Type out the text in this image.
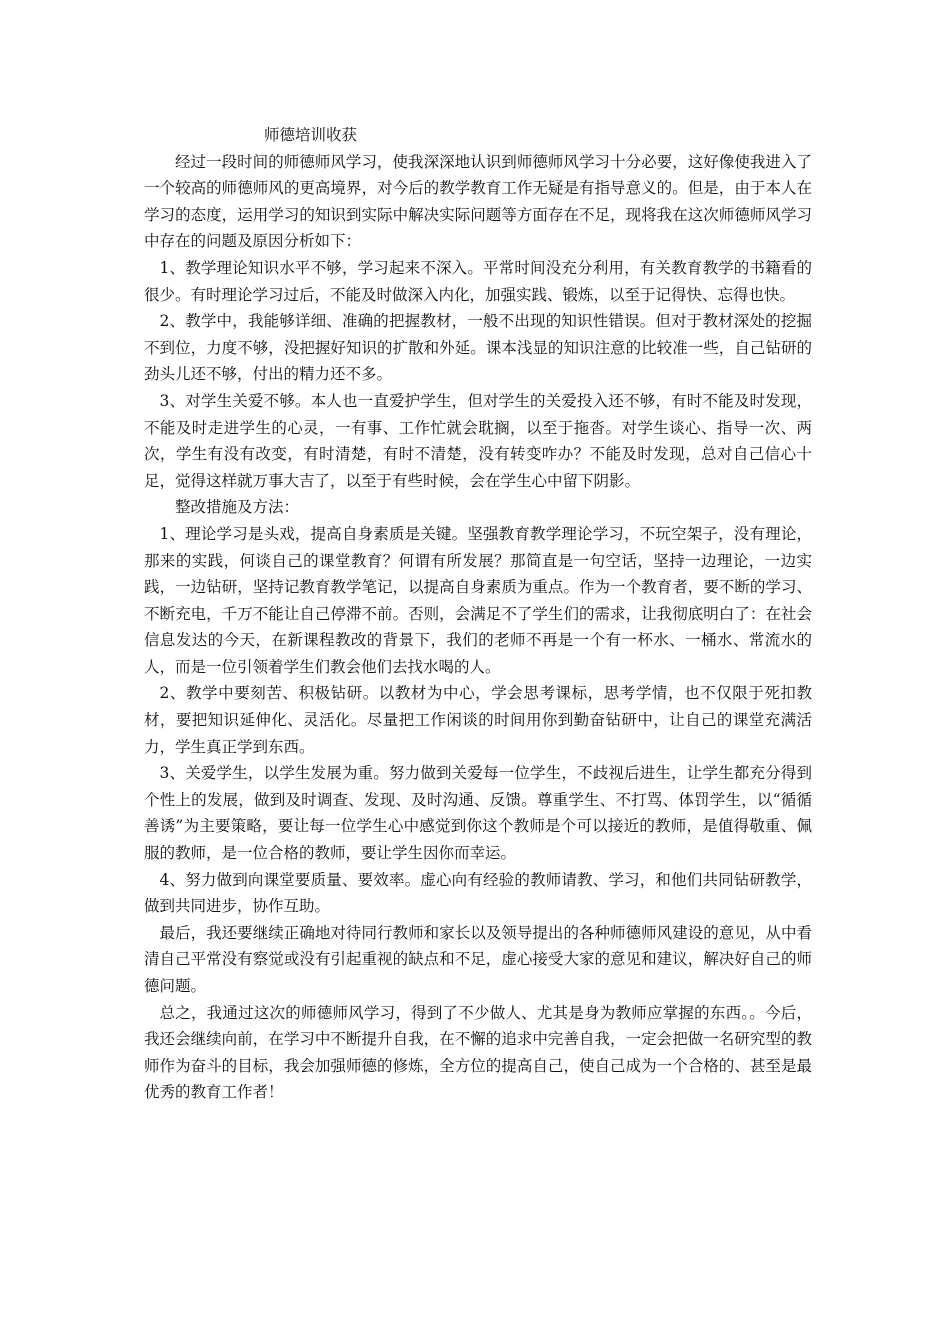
师德培训收获
经过一段时间的师德师风学习，使我深深地认识到师德师风学习十分必要，这好像使我进入了一个较高的师德师风的更高境界，对今后的教学教育工作无疑是有指导意义的。但是，由于本人在学习的态度，运用学习的知识到实际中解决实际问题等方面存在不足，现将我在这次师德师风学习中存在的问题及原因分析如下：
1、教学理论知识水平不够，学习起来不深入。平常时间没充分利用，有关教育教学的书籍看的很少。有时理论学习过后，不能及时做深入内化，加强实践、锻炼，以至于记得快、忘得也快。
2、教学中，我能够详细、准确的把握教材，一般不出现的知识性错误。但对于教材深处的挖掘不到位，力度不够，没把握好知识的扩散和外延。课本浅显的知识注意的比较准一些，自己钻研的劲头儿还不够，付出的精力还不多。
3、对学生关爱不够。本人也一直爱护学生，但对学生的关爱投入还不够，有时不能及时发现，不能及时走进学生的心灵，一有事、工作忙就会耽搁，以至于拖沓。对学生谈心、指导一次、两次，学生有没有改变，有时清楚，有时不清楚，没有转变咋办？不能及时发现，总对自己信心十足，觉得这样就万事大吉了，以至于有些时候，会在学生心中留下阴影。
整改措施及方法：
1、理论学习是头戏，提高自身素质是关键。坚强教育教学理论学习，不玩空架子，没有理论，那来的实践，何谈自己的课堂教育？何谓有所发展？那简直是一句空话，坚持一边理论，一边实践，一边钻研，坚持记教育教学笔记，以提高自身素质为重点。作为一个教育者，要不断的学习、不断充电，千万不能让自己停滞不前。否则，会满足不了学生们的需求，让我彻底明白了：在社会信息发达的今天，在新课程教改的背景下，我们的老师不再是一个有一杯水、一桶水、常流水的人，而是一位引领着学生们教会他们去找水喝的人。
2、教学中要刻苦、积极钻研。以教材为中心，学会思考课标，思考学情，也不仅限于死扣教材，要把知识延伸化、灵活化。尽量把工作闲谈的时间用你到勤奋钻研中，让自己的课堂充满活力，学生真正学到东西。
3、关爱学生，以学生发展为重。努力做到关爱每一位学生，不歧视后进生，让学生都充分得到个性上的发展，做到及时调查、发现、及时沟通、反馈。尊重学生、不打骂、体罚学生，以“循循善诱”为主要策略，要让每一位学生心中感觉到你这个教师是个可以接近的教师，是值得敬重、佩服的教师，是一位合格的教师，要让学生因你而幸运。
4、努力做到向课堂要质量、要效率。虚心向有经验的教师请教、学习，和他们共同钻研教学，做到共同进步，协作互助。
最后，我还要继续正确地对待同行教师和家长以及领导提出的各种师德师风建设的意见，从中看清自己平常没有察觉或没有引起重视的缺点和不足，虚心接受大家的意见和建议，解决好自己的师德问题。
总之，我通过这次的师德师风学习，得到了不少做人、尤其是身为教师应掌握的东西。。今后，我还会继续向前，在学习中不断提升自我，在不懈的追求中完善自我，一定会把做一名研究型的教师作为奋斗的目标，我会加强师德的修炼，全方位的提高自己，使自己成为一个合格的、甚至是最优秀的教育工作者！
